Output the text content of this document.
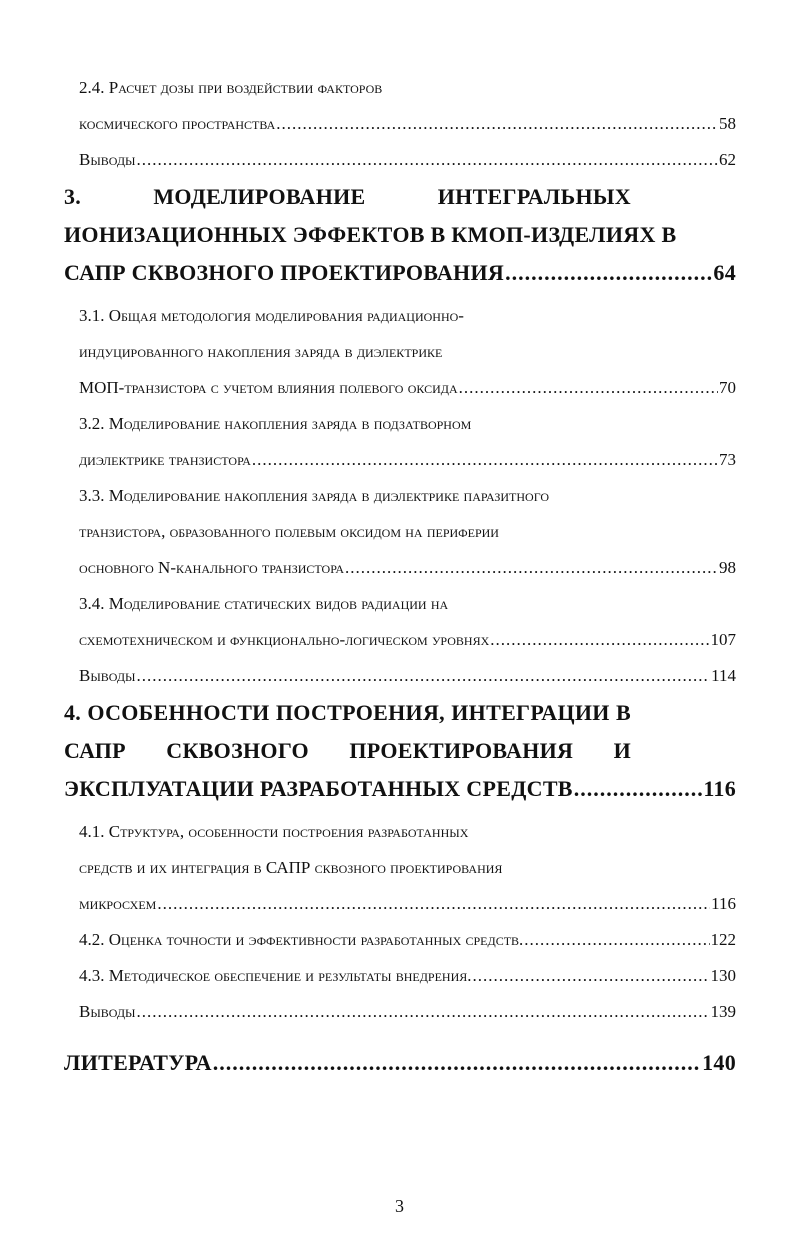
2.4. Расчет дозы при воздействии факторов
космического пространства .....	58
Выводы .....	62
3.	МОДЕЛИРОВАНИЕ	ИНТЕГРАЛЬНЫХ
ИОНИЗАЦИОННЫХ ЭФФЕКТОВ В КМОП-ИЗДЕЛИЯХ В
САПР СКВОЗНОГО ПРОЕКТИРОВАНИЯ .....	64
3.1. Общая методология моделирования радиационно-
индуцированного накопления заряда в диэлектрике
МОП-транзистора с учетом влияния полевого оксида .....	70
3.2. Моделирование накопления заряда в подзатворном
диэлектрике транзистора .....	73
3.3. Моделирование накопления заряда в диэлектрике паразитного
транзистора, образованного полевым оксидом на периферии
основного N-канального транзистора .....	98
3.4. Моделирование статических видов радиации на
схемотехническом и функционально-логическом уровнях .....	107
Выводы .....	114
4. ОСОБЕННОСТИ ПОСТРОЕНИЯ, ИНТЕГРАЦИИ В
САПР СКВОЗНОГО ПРОЕКТИРОВАНИЯ И
ЭКСПЛУАТАЦИИ РАЗРАБОТАННЫХ СРЕДСТВ .....	116
4.1. Структура, особенности построения разработанных
средств и их интеграция в САПР сквозного проектирования
микросхем .....	116
4.2. Оценка точности и эффективности разработанных средств. .....	122
4.3. Методическое обеспечение и результаты внедрения. .....	130
Выводы .....	139
ЛИТЕРАТУРА .....	140
3
